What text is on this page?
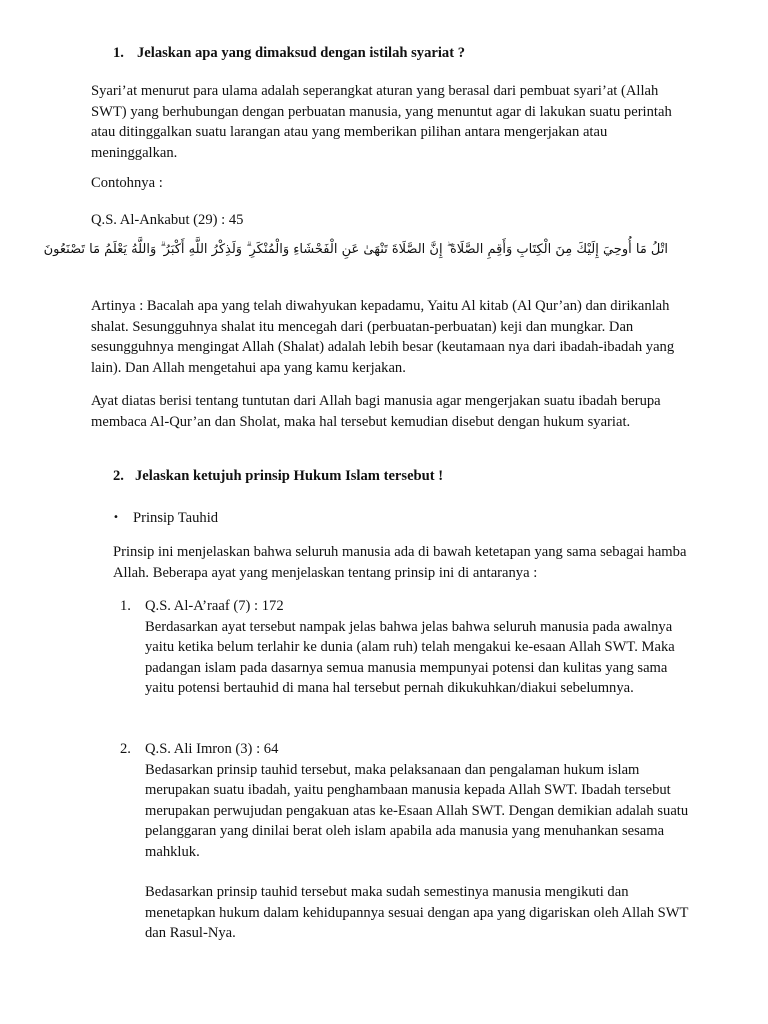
1. Jelaskan apa yang dimaksud dengan istilah syariat ?

Syari’at menurut para ulama adalah seperangkat aturan yang berasal dari pembuat syari’at (Allah SWT) yang berhubungan dengan perbuatan manusia, yang menuntut agar di lakukan suatu perintah atau ditinggalkan suatu larangan atau yang memberikan pilihan antara mengerjakan atau meninggalkan.

Contohnya :

Q.S. Al-Ankabut (29) : 45

اتْلُ مَا أُوحِيَ إِلَيْكَ مِنَ الْكِتَابِ وَأَقِمِ الصَّلَاةَ ۖ إِنَّ الصَّلَاةَ تَنْهَىٰ عَنِ الْفَحْشَاءِ وَالْمُنْكَرِ ۗ وَلَذِكْرُ اللَّهِ أَكْبَرُ ۗ وَاللَّهُ يَعْلَمُ مَا تَصْنَعُونَ

Artinya : Bacalah apa yang telah diwahyukan kepadamu, Yaitu Al kitab (Al Qur’an) dan dirikanlah shalat. Sesungguhnya shalat itu mencegah dari (perbuatan-perbuatan) keji dan mungkar. Dan sesungguhnya mengingat Allah (Shalat) adalah lebih besar (keutamaan nya dari ibadah-ibadah yang lain). Dan Allah mengetahui apa yang kamu kerjakan.

Ayat diatas berisi tentang tuntutan dari Allah bagi manusia agar mengerjakan suatu ibadah berupa membaca Al-Qur’an dan Sholat, maka hal tersebut kemudian disebut dengan hukum syariat.

2. Jelaskan ketujuh prinsip Hukum Islam tersebut !

• Prinsip Tauhid

Prinsip ini menjelaskan bahwa seluruh manusia ada di bawah ketetapan yang sama sebagai hamba Allah. Beberapa ayat yang menjelaskan tentang prinsip ini di antaranya :

1. Q.S. Al-A’raaf (7) : 172
Berdasarkan ayat tersebut nampak jelas bahwa jelas bahwa seluruh manusia pada awalnya yaitu ketika belum terlahir ke dunia (alam ruh) telah mengakui ke-esaan Allah SWT. Maka padangan islam pada dasarnya semua manusia mempunyai potensi dan kulitas yang sama yaitu potensi bertauhid di mana hal tersebut pernah dikukuhkan/diakui sebelumnya.
2. Q.S. Ali Imron (3) : 64
Bedasarkan prinsip tauhid tersebut, maka pelaksanaan dan pengalaman hukum islam merupakan suatu ibadah, yaitu penghambaan manusia kepada Allah SWT. Ibadah tersebut merupakan perwujudan pengakuan atas ke-Esaan Allah SWT. Dengan demikian adalah suatu pelanggaran yang dinilai berat oleh islam apabila ada manusia yang menuhankan sesama mahkluk.

Bedasarkan prinsip tauhid tersebut maka sudah semestinya manusia mengikuti dan menetapkan hukum dalam kehidupannya sesuai dengan apa yang digariskan oleh Allah SWT dan Rasul-Nya.
